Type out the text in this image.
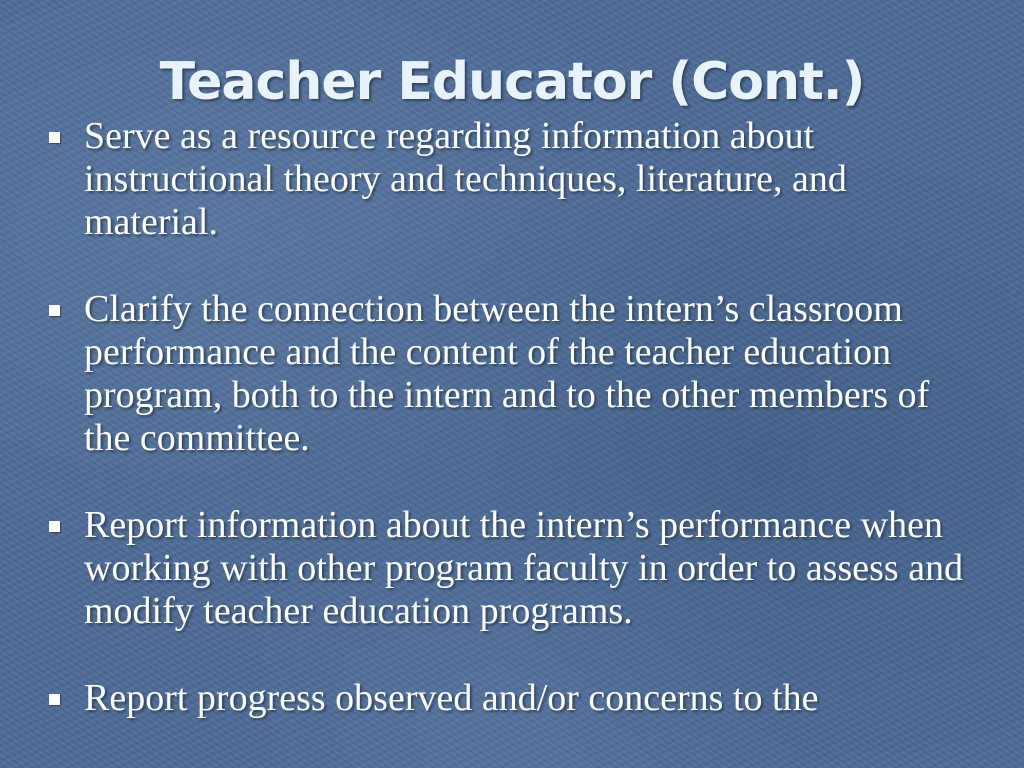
Teacher Educator (Cont.)
Serve as a resource regarding information about instructional theory and techniques, literature, and material.
Clarify the connection between the intern’s classroom performance and the content of the teacher education program, both to the intern and to the other members of the committee.
Report information about the intern’s performance when working with other program faculty in order to assess and modify teacher education programs.
Report progress observed and/or concerns to the
